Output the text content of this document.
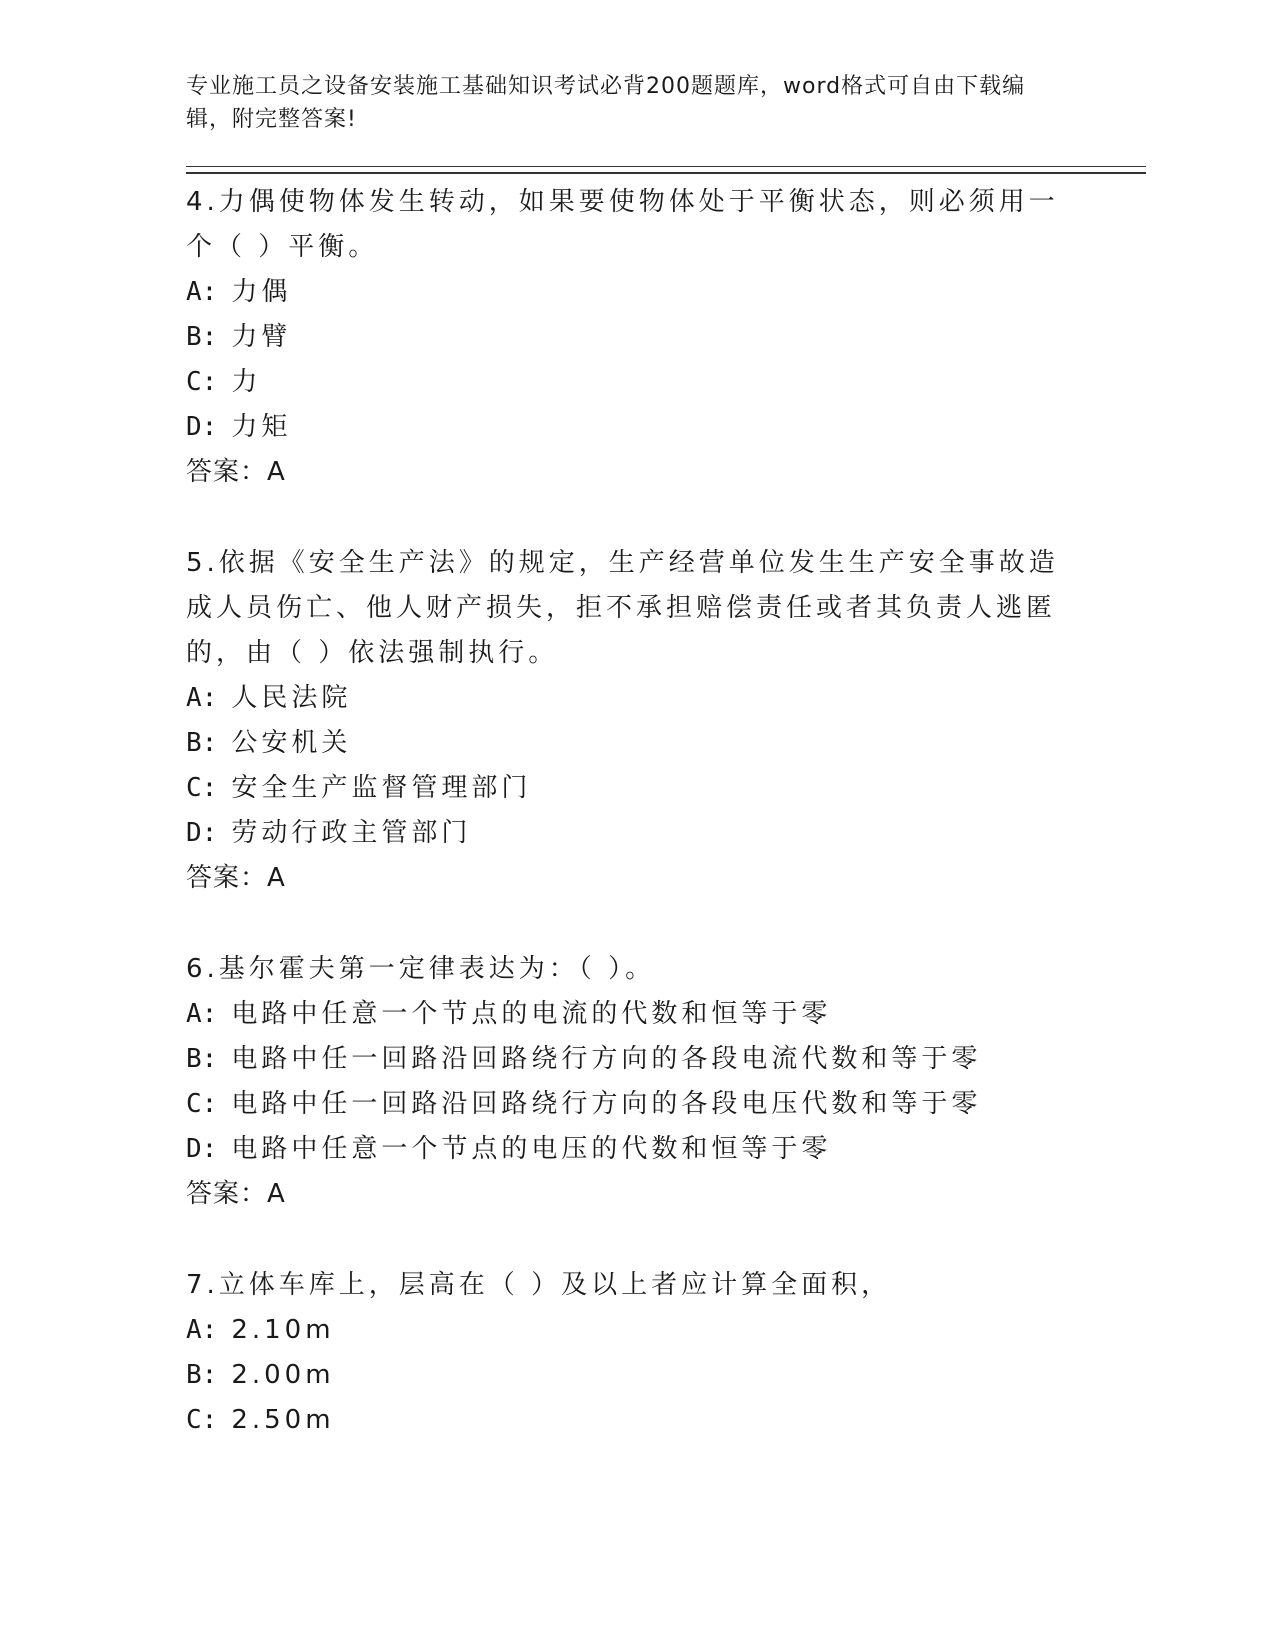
专业施工员之设备安装施工基础知识考试必背200题题库，word格式可自由下载编辑，附完整答案!

4.力偶使物体发生转动，如果要使物体处于平衡状态，则必须用一个（ ）平衡。

A: 力偶

B: 力臂

C: 力

D: 力矩

答案：A

5.依据《安全生产法》的规定，生产经营单位发生生产安全事故造成人员伤亡、他人财产损失，拒不承担赔偿责任或者其负责人逃匿的，由（ ）依法强制执行。

A: 人民法院

B: 公安机关

C: 安全生产监督管理部门

D: 劳动行政主管部门

答案：A

6.基尔霍夫第一定律表达为：（ ）。

A: 电路中任意一个节点的电流的代数和恒等于零

B: 电路中任一回路沿回路绕行方向的各段电流代数和等于零

C: 电路中任一回路沿回路绕行方向的各段电压代数和等于零

D: 电路中任意一个节点的电压的代数和恒等于零

答案：A

7.立体车库上，层高在（ ）及以上者应计算全面积，

A: 2.10m

B: 2.00m

C: 2.50m
